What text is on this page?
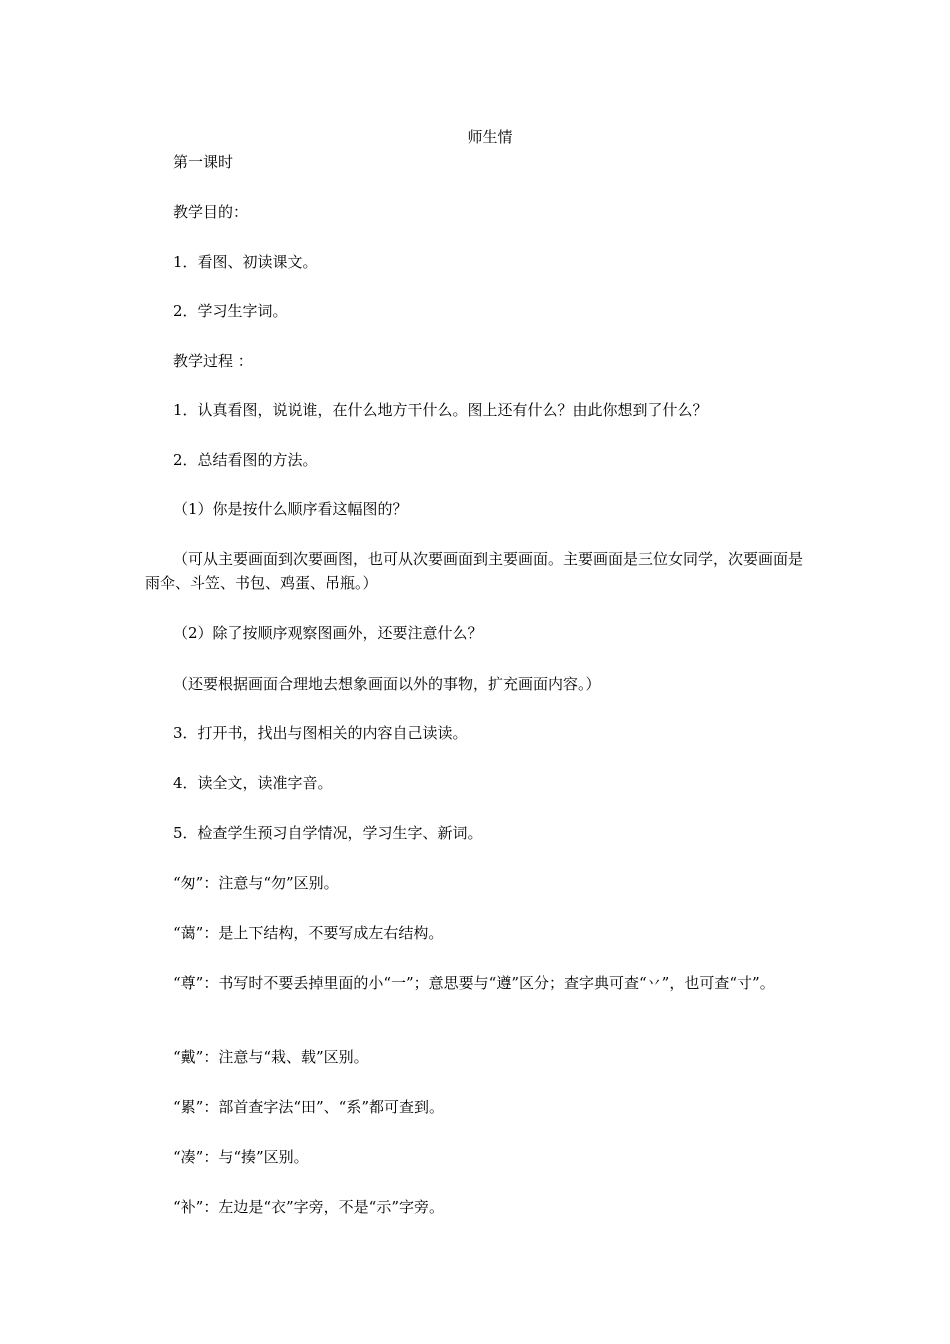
师生情
第一课时
教学目的：
1．看图、初读课文。
2．学习生字词。
教学过程 ：
1．认真看图，说说谁，在什么地方干什么。图上还有什么？由此你想到了什么？
2．总结看图的方法。
（1）你是按什么顺序看这幅图的？
（可从主要画面到次要画图，也可从次要画面到主要画面。主要画面是三位女同学，次要画面是雨伞、斗笠、书包、鸡蛋、吊瓶。）
（2）除了按顺序观察图画外，还要注意什么？
（还要根据画面合理地去想象画面以外的事物，扩充画面内容。）
3．打开书，找出与图相关的内容自己读读。
4．读全文，读准字音。
5．检查学生预习自学情况，学习生字、新词。
“匆”：注意与“勿”区别。
“蔼”：是上下结构，不要写成左右结构。
“尊”：书写时不要丢掉里面的小“一”；意思要与“遵”区分；查字典可查“丷”，也可查“寸”。
“戴”：注意与“栽、载”区别。
“累”：部首查字法“田”、“系”都可查到。
“凑”：与“揍”区别。
“补”：左边是“衣”字旁，不是“示”字旁。
